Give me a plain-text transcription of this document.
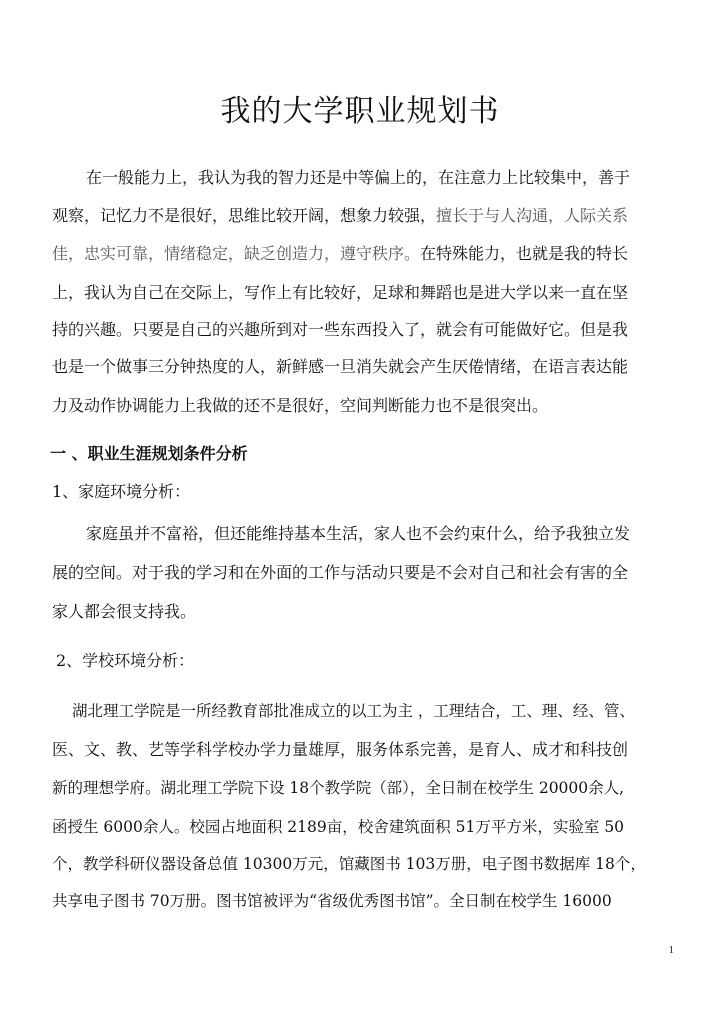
我的大学职业规划书
在一般能力上，我认为我的智力还是中等偏上的，在注意力上比较集中，善于
观察，记忆力不是很好，思维比较开阔，想象力较强，擅长于与人沟通，人际关系
佳，忠实可靠，情绪稳定，缺乏创造力，遵守秩序。在特殊能力，也就是我的特长
上，我认为自己在交际上，写作上有比较好，足球和舞蹈也是进大学以来一直在坚
持的兴趣。只要是自己的兴趣所到对一些东西投入了，就会有可能做好它。但是我
也是一个做事三分钟热度的人，新鲜感一旦消失就会产生厌倦情绪，在语言表达能
力及动作协调能力上我做的还不是很好，空间判断能力也不是很突出。
一 、职业生涯规划条件分析
1、家庭环境分析：
家庭虽并不富裕，但还能维持基本生活，家人也不会约束什么，给予我独立发
展的空间。对于我的学习和在外面的工作与活动只要是不会对自己和社会有害的全
家人都会很支持我。
2、学校环境分析：
湖北理工学院是一所经教育部批准成立的以工为主 ，工理结合，工、理、经、管、
医、文、教、艺等学科学校办学力量雄厚，服务体系完善，是育人、成才和科技创
新的理想学府。湖北理工学院下设 18个教学院（部），全日制在校学生 20000余人,
函授生 6000余人。校园占地面积 2189亩，校舍建筑面积 51万平方米，实验室 50
个，教学科研仪器设备总值 10300万元，馆藏图书 103万册，电子图书数据库 18个，
共享电子图书 70万册。图书馆被评为“省级优秀图书馆”。全日制在校学生 16000
1
